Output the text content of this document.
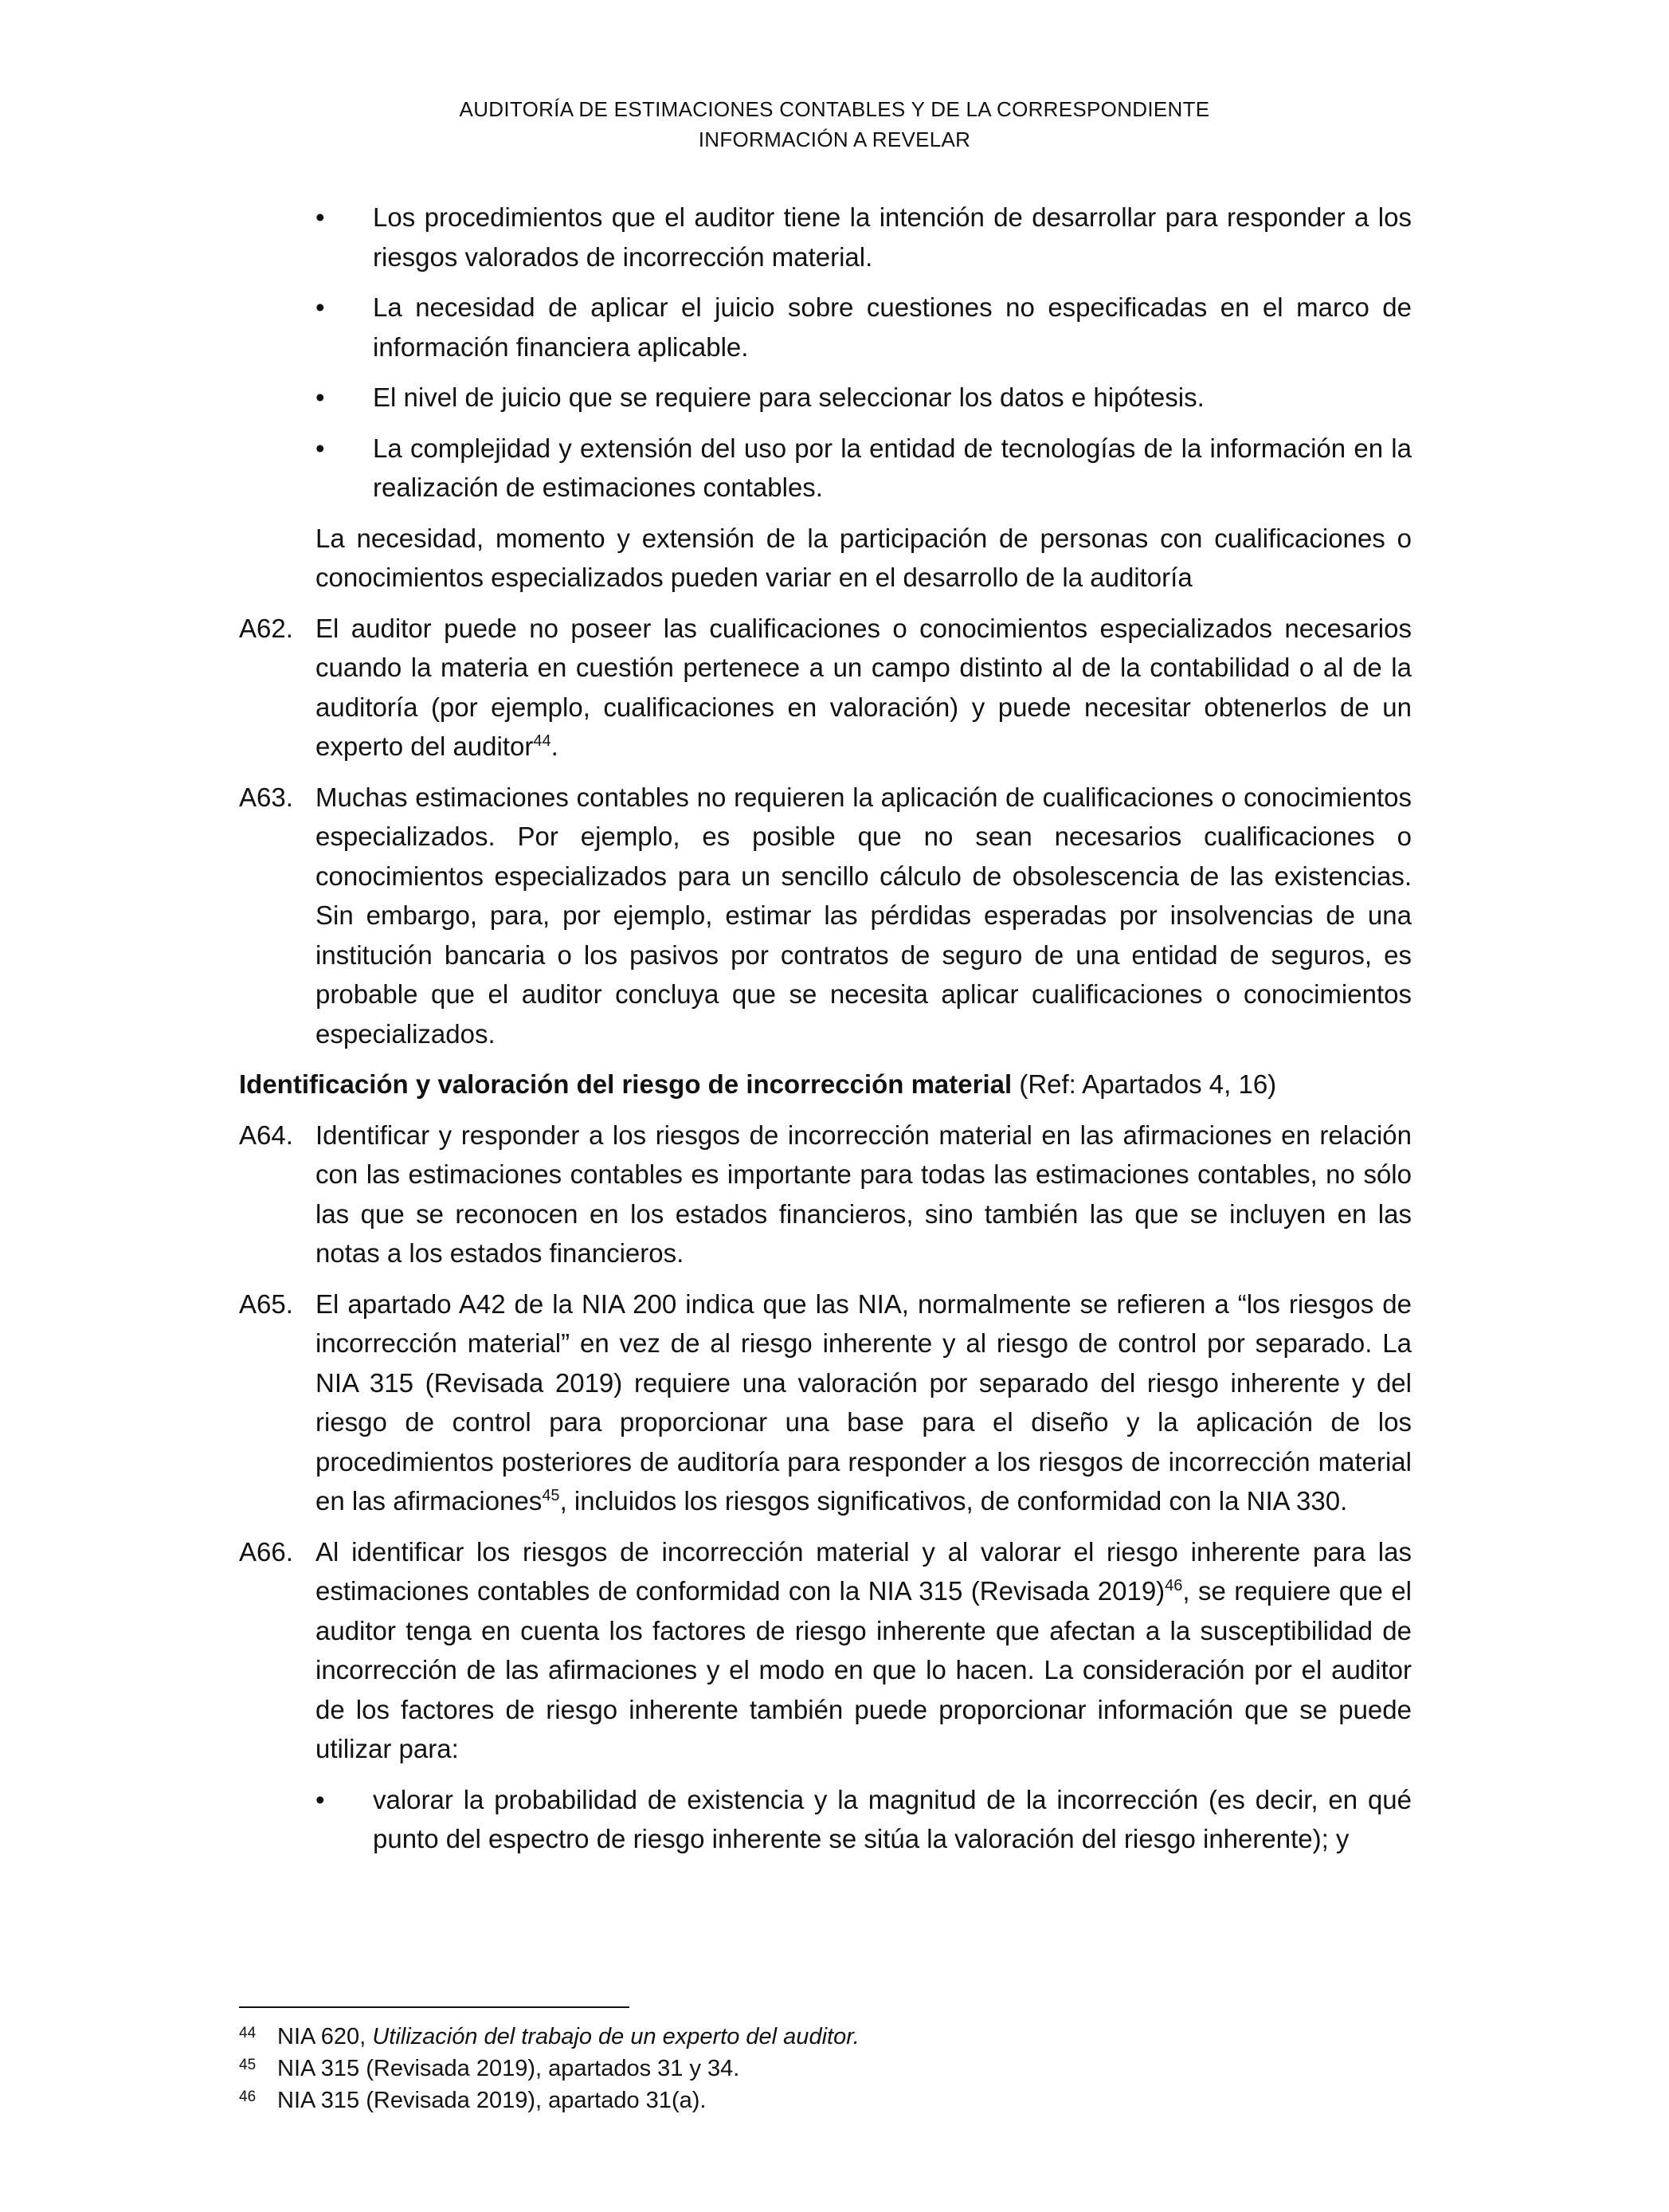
AUDITORÍA DE ESTIMACIONES CONTABLES Y DE LA CORRESPONDIENTE
INFORMACIÓN A REVELAR
• Los procedimientos que el auditor tiene la intención de desarrollar para responder a los riesgos valorados de incorrección material.
• La necesidad de aplicar el juicio sobre cuestiones no especificadas en el marco de información financiera aplicable.
• El nivel de juicio que se requiere para seleccionar los datos e hipótesis.
• La complejidad y extensión del uso por la entidad de tecnologías de la información en la realización de estimaciones contables.

La necesidad, momento y extensión de la participación de personas con cualificaciones o conocimientos especializados pueden variar en el desarrollo de la auditoría

A62. El auditor puede no poseer las cualificaciones o conocimientos especializados necesarios cuando la materia en cuestión pertenece a un campo distinto al de la contabilidad o al de la auditoría (por ejemplo, cualificaciones en valoración) y puede necesitar obtenerlos de un experto del auditor$^{44}$.
A63. Muchas estimaciones contables no requieren la aplicación de cualificaciones o conocimientos especializados. Por ejemplo, es posible que no sean necesarios cualificaciones o conocimientos especializados para un sencillo cálculo de obsolescencia de las existencias. Sin embargo, para, por ejemplo, estimar las pérdidas esperadas por insolvencias de una institución bancaria o los pasivos por contratos de seguro de una entidad de seguros, es probable que el auditor concluya que se necesita aplicar cualificaciones o conocimientos especializados.
Identificación y valoración del riesgo de incorrección material (Ref: Apartados 4, 16)
A64. Identificar y responder a los riesgos de incorrección material en las afirmaciones en relación con las estimaciones contables es importante para todas las estimaciones contables, no sólo las que se reconocen en los estados financieros, sino también las que se incluyen en las notas a los estados financieros.
A65. El apartado A42 de la NIA 200 indica que las NIA, normalmente se refieren a “los riesgos de incorrección material” en vez de al riesgo inherente y al riesgo de control por separado. La NIA 315 (Revisada 2019) requiere una valoración por separado del riesgo inherente y del riesgo de control para proporcionar una base para el diseño y la aplicación de los procedimientos posteriores de auditoría para responder a los riesgos de incorrección material en las afirmaciones$^{45}$, incluidos los riesgos significativos, de conformidad con la NIA 330.
A66. Al identificar los riesgos de incorrección material y al valorar el riesgo inherente para las estimaciones contables de conformidad con la NIA 315 (Revisada 2019)$^{46}$, se requiere que el auditor tenga en cuenta los factores de riesgo inherente que afectan a la susceptibilidad de incorrección de las afirmaciones y el modo en que lo hacen. La consideración por el auditor de los factores de riesgo inherente también puede proporcionar información que se puede utilizar para:
• valorar la probabilidad de existencia y la magnitud de la incorrección (es decir, en qué punto del espectro de riesgo inherente se sitúa la valoración del riesgo inherente); y
44 NIA 620, Utilización del trabajo de un experto del auditor.
45 NIA 315 (Revisada 2019), apartados 31 y 34.
46 NIA 315 (Revisada 2019), apartado 31(a).
